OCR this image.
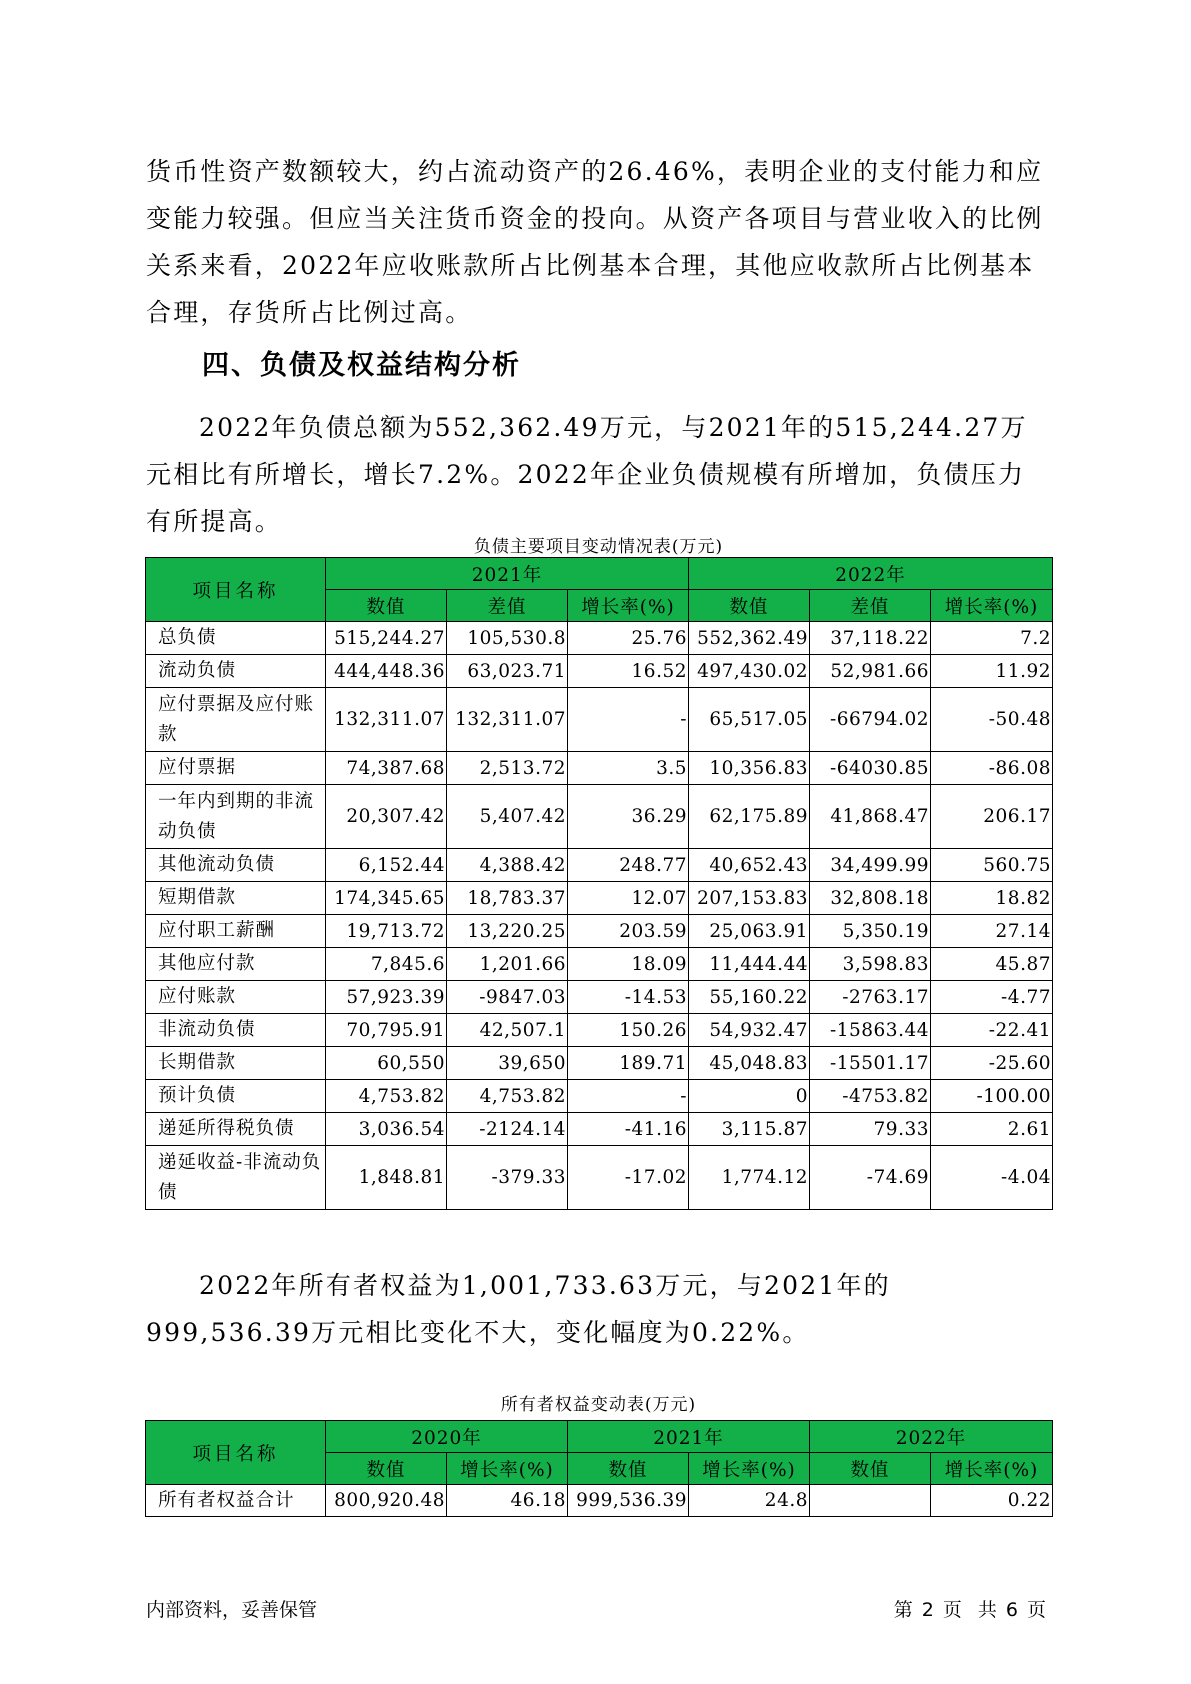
货币性资产数额较大，约占流动资产的26.46%，表明企业的支付能力和应变能力较强。但应当关注货币资金的投向。从资产各项目与营业收入的比例关系来看，2022年应收账款所占比例基本合理，其他应收款所占比例基本合理，存货所占比例过高。

四、负债及权益结构分析

2022年负债总额为552,362.49万元，与2021年的515,244.27万元相比有所增长，增长7.2%。2022年企业负债规模有所增加，负债压力有所提高。

负债主要项目变动情况表(万元)
项目名称	2021年			2022年		
	数值	差值	增长率(%)	数值	差值	增长率(%)
总负债	515,244.27	105,530.8	25.76	552,362.49	37,118.22	7.2
流动负债	444,448.36	63,023.71	16.52	497,430.02	52,981.66	11.92
应付票据及应付账款	132,311.07	132,311.07	-	65,517.05	-66794.02	-50.48
应付票据	74,387.68	2,513.72	3.5	10,356.83	-64030.85	-86.08
一年内到期的非流动负债	20,307.42	5,407.42	36.29	62,175.89	41,868.47	206.17
其他流动负债	6,152.44	4,388.42	248.77	40,652.43	34,499.99	560.75
短期借款	174,345.65	18,783.37	12.07	207,153.83	32,808.18	18.82
应付职工薪酬	19,713.72	13,220.25	203.59	25,063.91	5,350.19	27.14
其他应付款	7,845.6	1,201.66	18.09	11,444.44	3,598.83	45.87
应付账款	57,923.39	-9847.03	-14.53	55,160.22	-2763.17	-4.77
非流动负债	70,795.91	42,507.1	150.26	54,932.47	-15863.44	-22.41
长期借款	60,550	39,650	189.71	45,048.83	-15501.17	-25.60
预计负债	4,753.82	4,753.82	-	0	-4753.82	-100.00
递延所得税负债	3,036.54	-2124.14	-41.16	3,115.87	79.33	2.61
递延收益-非流动负债	1,848.81	-379.33	-17.02	1,774.12	-74.69	-4.04

2022年所有者权益为1,001,733.63万元，与2021年的999,536.39万元相比变化不大，变化幅度为0.22%。

所有者权益变动表(万元)
项目名称	2020年		2021年		2022年	
	数值	增长率(%)	数值	增长率(%)	数值	增长率(%)
所有者权益合计	800,920.48	46.18	999,536.39	24.8		0.22
内部资料，妥善保管	第 2 页 共 6 页
